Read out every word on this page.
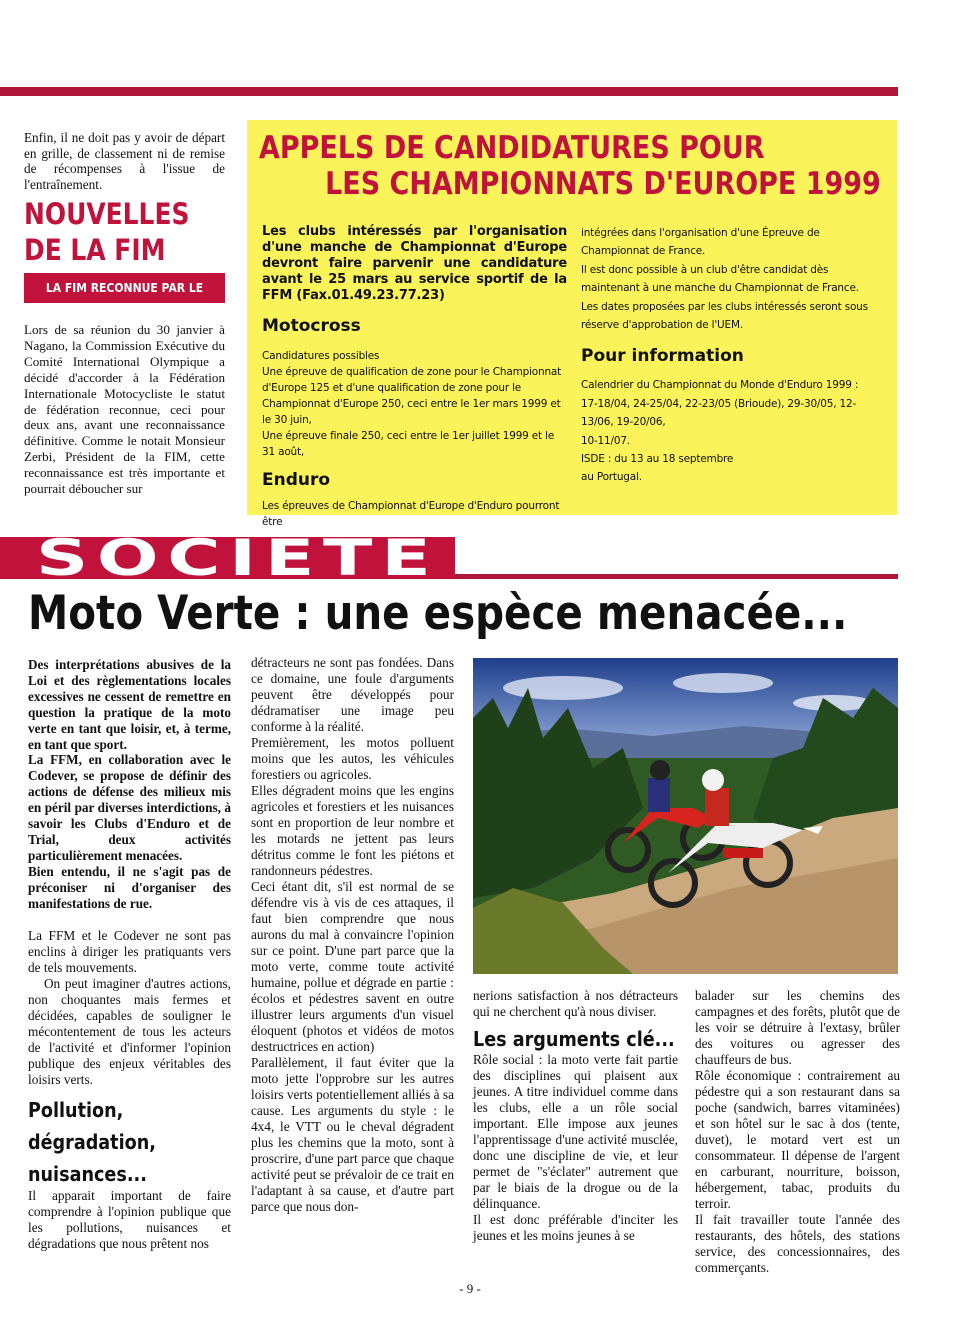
Enfin, il ne doit pas y avoir de départ en grille, de classement ni de remise de récompenses à l'issue de l'entraînement.

NOUVELLES
DE LA FIM
LA FIM RECONNUE PAR LE CIO !

Lors de sa réunion du 30 janvier à Nagano, la Commission Exécutive du Comité International Olympique a décidé d'accorder à la Fédération Internationale Motocycliste le statut de fédération reconnue, ceci pour deux ans, avant une reconnaissance définitive. Comme le notait Monsieur Zerbi, Président de la FIM, cette reconnaissance est très importante et pourrait déboucher sur

APPELS DE CANDIDATURES POUR
LES CHAMPIONNATS D'EUROPE 1999
Les clubs intéressés par l'organisation d'une manche de Championnat d'Europe devront faire parvenir une candidature avant le 25 mars au service sportif de la FFM (Fax.01.49.23.77.23)
Motocross

Candidatures possibles

Une épreuve de qualification de zone pour le Championnat d'Europe 125 et d'une qualification de zone pour le Championnat d'Europe 250, ceci entre le 1er mars 1999 et le 30 juin,

Une épreuve finale 250, ceci entre le 1er juillet 1999 et le 31 août,

Enduro

Les épreuves de Championnat d'Europe d'Enduro pourront être

intégrées dans l'organisation d'une Épreuve de Championnat de France.

Il est donc possible à un club d'être candidat dès maintenant à une manche du Championnat de France.

Les dates proposées par les clubs intéressés seront sous réserve d'approbation de l'UEM.

Pour information

Calendrier du Championnat du Monde d'Enduro 1999 :

17-18/04, 24-25/04, 22-23/05 (Brioude), 29-30/05, 12-13/06, 19-20/06,

10-11/07.

ISDE : du 13 au 18 septembre

au Portugal.

SOCIETE
Moto Verte : une espèce menacée...

Des interprétations abusives de la Loi et des règlementations locales excessives ne cessent de remettre en question la pratique de la moto verte en tant que loisir, et, à terme, en tant que sport.

La FFM, en collaboration avec le Codever, se propose de définir des actions de défense des milieux mis en péril par diverses interdictions, à savoir les Clubs d'Enduro et de Trial, deux activités particulièrement menacées.

Bien entendu, il ne s'agit pas de préconiser ni d'organiser des manifestations de rue.

La FFM et le Codever ne sont pas enclins à diriger les pratiquants vers de tels mouvements.

On peut imaginer d'autres actions, non choquantes mais fermes et décidées, capables de souligner le mécontentement de tous les acteurs de l'activité et d'informer l'opinion publique des enjeux véritables des loisirs verts.

Pollution, dégradation, nuisances...

Il apparait important de faire comprendre à l'opinion publique que les pollutions, nuisances et dégradations que nous prêtent nos

détracteurs ne sont pas fondées. Dans ce domaine, une foule d'arguments peuvent être développés pour dédramatiser une image peu conforme à la réalité.

Premièrement, les motos polluent moins que les autos, les véhicules forestiers ou agricoles.

Elles dégradent moins que les engins agricoles et forestiers et les nuisances sont en proportion de leur nombre et les motards ne jettent pas leurs détritus comme le font les piétons et randonneurs pédestres.

Ceci étant dit, s'il est normal de se défendre vis à vis de ces attaques, il faut bien comprendre que nous aurons du mal à convaincre l'opinion sur ce point. D'une part parce que la moto verte, comme toute activité humaine, pollue et dégrade en partie : écolos et pédestres savent en outre illustrer leurs arguments d'un visuel éloquent (photos et vidéos de motos destructrices en action)

Parallèlement, il faut éviter que la moto jette l'opprobre sur les autres loisirs verts potentiellement alliés à sa cause. Les arguments du style : le 4x4, le VTT ou le cheval dégradent plus les chemins que la moto, sont à proscrire, d'une part parce que chaque activité peut se prévaloir de ce trait en l'adaptant à sa cause, et d'autre part parce que nous don-

nerions satisfaction à nos détracteurs qui ne cherchent qu'à nous diviser.

Les arguments clé...

Rôle social : la moto verte fait partie des disciplines qui plaisent aux jeunes. A titre individuel comme dans les clubs, elle a un rôle social important. Elle impose aux jeunes l'apprentissage d'une activité musclée, donc une discipline de vie, et leur permet de "s'éclater" autrement que par le biais de la drogue ou de la délinquance.

Il est donc préférable d'inciter les jeunes et les moins jeunes à se

balader sur les chemins des campagnes et des forêts, plutôt que de les voir se détruire à l'extasy, brûler des voitures ou agresser des chauffeurs de bus.

Rôle économique : contrairement au pédestre qui a son restaurant dans sa poche (sandwich, barres vitaminées) et son hôtel sur le sac à dos (tente, duvet), le motard vert est un consommateur. Il dépense de l'argent en carburant, nourriture, boisson, hébergement, tabac, produits du terroir.

Il fait travailler toute l'année des restaurants, des hôtels, des stations service, des concessionnaires, des commerçants.

- 9 -
